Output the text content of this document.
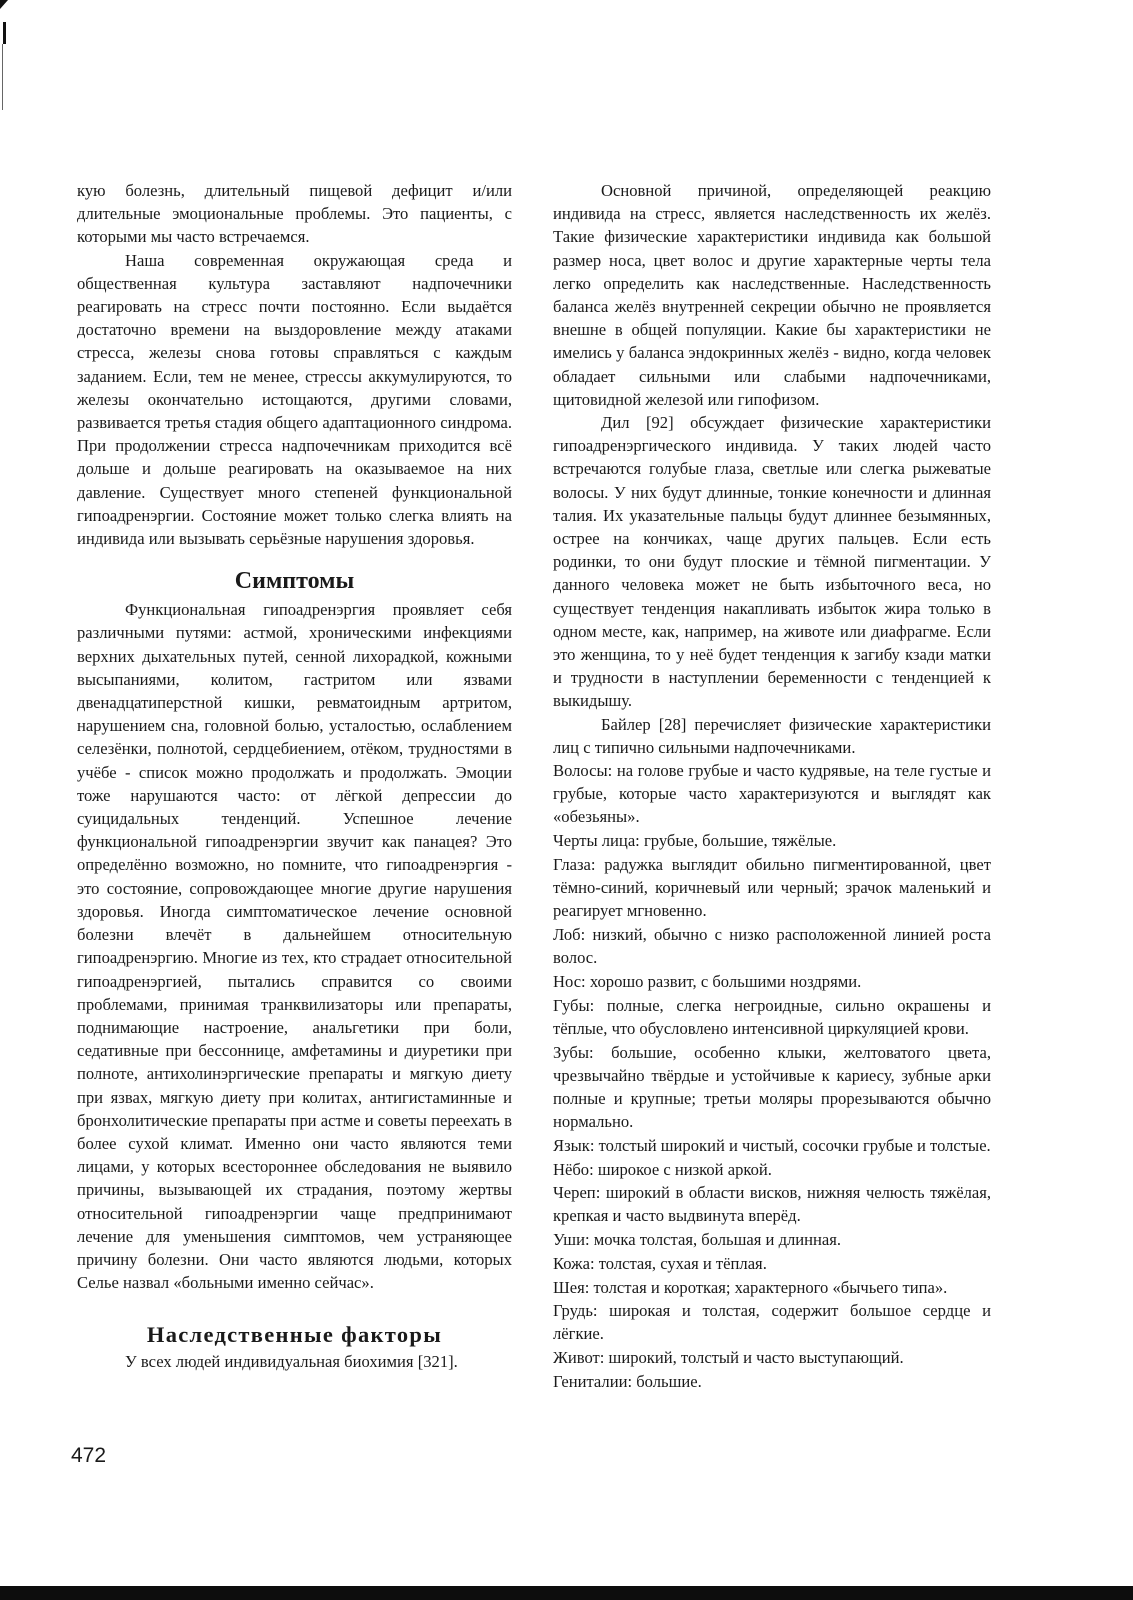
кую болезнь, длительный пищевой дефицит и/или длительные эмоциональные проблемы. Это пациенты, с которыми мы часто встречаемся.

Наша современная окружающая среда и общественная культура заставляют надпочечники реагировать на стресс почти постоянно. Если выдаётся достаточно времени на выздоровление между атаками стресса, железы снова готовы справляться с каждым заданием. Если, тем не менее, стрессы аккумулируются, то железы окончательно истощаются, другими словами, развивается третья стадия общего адаптационного синдрома. При продолжении стресса надпочечникам приходится всё дольше и дольше реагировать на оказываемое на них давление. Существует много степеней функциональной гипоадренэргии. Состояние может только слегка влиять на индивида или вызывать серьёзные нарушения здоровья.

Симптомы

Функциональная гипоадренэргия проявляет себя различными путями: астмой, хроническими инфекциями верхних дыхательных путей, сенной лихорадкой, кожными высыпаниями, колитом, гастритом или язвами двенадцатиперстной кишки, ревматоидным артритом, нарушением сна, головной болью, усталостью, ослаблением селезёнки, полнотой, сердцебиением, отёком, трудностями в учёбе - список можно продолжать и продолжать. Эмоции тоже нарушаются часто: от лёгкой депрессии до суицидальных тенденций. Успешное лечение функциональной гипоадренэргии звучит как панацея? Это определённо возможно, но помните, что гипоадренэргия - это состояние, сопровождающее многие другие нарушения здоровья. Иногда симптоматическое лечение основной болезни влечёт в дальнейшем относительную гипоадренэргию. Многие из тех, кто страдает относительной гипоадренэргией, пытались справится со своими проблемами, принимая транквилизаторы или препараты, поднимающие настроение, анальгетики при боли, седативные при бессоннице, амфетамины и диуретики при полноте, антихолинэргические препараты и мягкую диету при язвах, мягкую диету при колитах, антигистаминные и бронхолитические препараты при астме и советы переехать в более сухой климат. Именно они часто являются теми лицами, у которых всестороннее обследования не выявило причины, вызывающей их страдания, поэтому жертвы относительной гипоадренэргии чаще предпринимают лечение для уменьшения симптомов, чем устраняющее причину болезни. Они часто являются людьми, которых Селье назвал «больными именно сейчас».

Наследственные факторы

У всех людей индивидуальная биохимия [321].

Основной причиной, определяющей реакцию индивида на стресс, является наследственность их желёз. Такие физические характеристики индивида как большой размер носа, цвет волос и другие характерные черты тела легко определить как наследственные. Наследственность баланса желёз внутренней секреции обычно не проявляется внешне в общей популяции. Какие бы характеристики не имелись у баланса эндокринных желёз - видно, когда человек обладает сильными или слабыми надпочечниками, щитовидной железой или гипофизом.

Дил [92] обсуждает физические характеристики гипоадренэргического индивида. У таких людей часто встречаются голубые глаза, светлые или слегка рыжеватые волосы. У них будут длинные, тонкие конечности и длинная талия. Их указательные пальцы будут длиннее безымянных, острее на кончиках, чаще других пальцев. Если есть родинки, то они будут плоские и тёмной пигментации. У данного человека может не быть избыточного веса, но существует тенденция накапливать избыток жира только в одном месте, как, например, на животе или диафрагме. Если это женщина, то у неё будет тенденция к загибу кзади матки и трудности в наступлении беременности с тенденцией к выкидышу.

Байлер [28] перечисляет физические характеристики лиц с типично сильными надпочечниками.

Волосы: на голове грубые и часто кудрявые, на теле густые и грубые, которые часто характеризуются и выглядят как «обезьяны».

Черты лица: грубые, большие, тяжёлые.

Глаза: радужка выглядит обильно пигментированной, цвет тёмно-синий, коричневый или черный; зрачок маленький и реагирует мгновенно.

Лоб: низкий, обычно с низко расположенной линией роста волос.

Нос: хорошо развит, с большими ноздрями.

Губы: полные, слегка негроидные, сильно окрашены и тёплые, что обусловлено интенсивной циркуляцией крови.

Зубы: большие, особенно клыки, желтоватого цвета, чрезвычайно твёрдые и устойчивые к кариесу, зубные арки полные и крупные; третьи моляры прорезываются обычно нормально.

Язык: толстый широкий и чистый, сосочки грубые и толстые.

Нёбо: широкое с низкой аркой.

Череп: широкий в области висков, нижняя челюсть тяжёлая, крепкая и часто выдвинута вперёд.

Уши: мочка толстая, большая и длинная.

Кожа: толстая, сухая и тёплая.

Шея: толстая и короткая; характерного «бычьего типа».

Грудь: широкая и толстая, содержит большое сердце и лёгкие.

Живот: широкий, толстый и часто выступающий.

Гениталии: большие.

472
